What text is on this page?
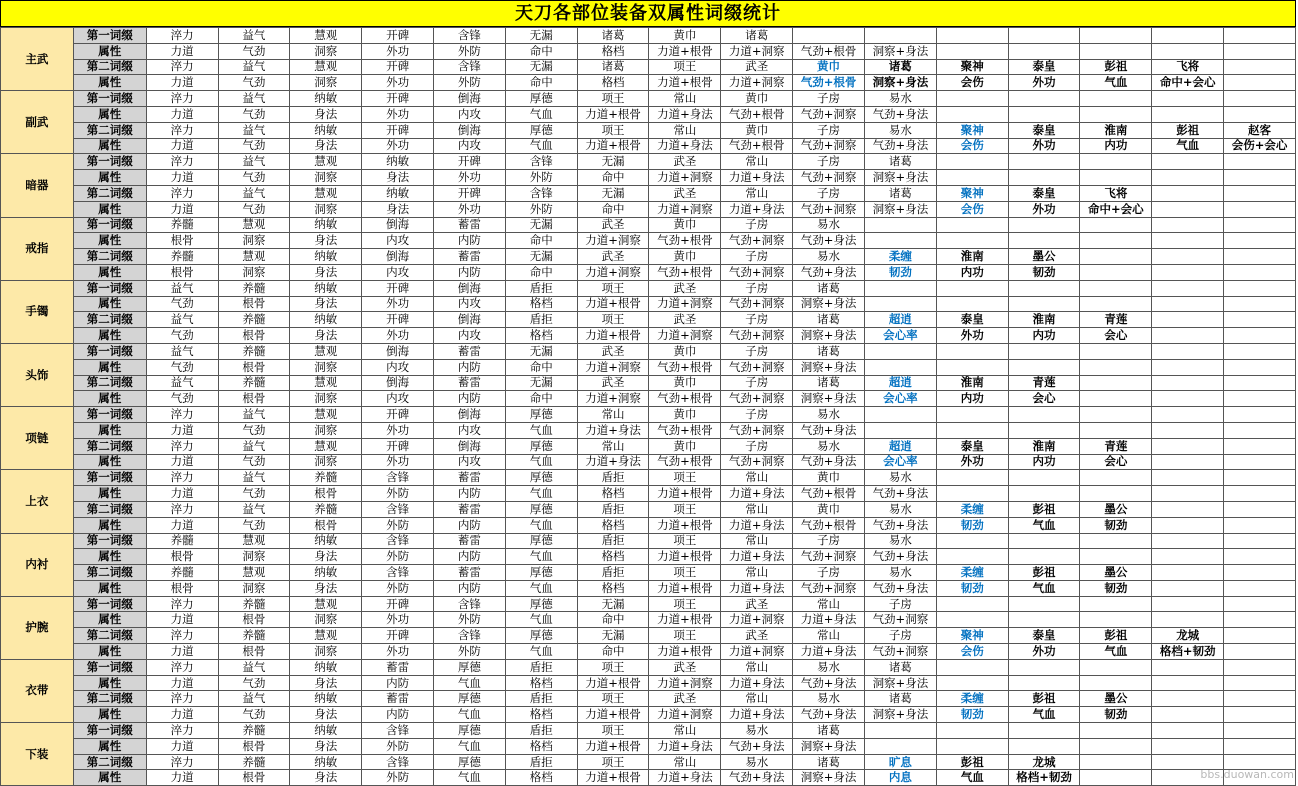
天刀各部位装备双属性词缀统计
主武	第一词缀	淬力	益气	慧观	开碑	含锋	无漏	诸葛	黄巾	诸葛							
	属性	力道	气劲	洞察	外功	外防	命中	格档	力道+根骨	力道+洞察	气劲+根骨	洞察+身法					
	第二词缀	淬力	益气	慧观	开碑	含锋	无漏	诸葛	项王	武圣	黄巾	诸葛	聚神	泰皇	彭祖	飞将	
	属性	力道	气劲	洞察	外功	外防	命中	格档	力道+根骨	力道+洞察	气劲+根骨	洞察+身法	会伤	外功	气血	命中+会心	
副武	第一词缀	淬力	益气	纳敏	开碑	倒海	厚德	项王	常山	黄巾	子房	易水					
	属性	力道	气劲	身法	外功	内攻	气血	力道+根骨	力道+身法	气劲+根骨	气劲+洞察	气劲+身法					
	第二词缀	淬力	益气	纳敏	开碑	倒海	厚德	项王	常山	黄巾	子房	易水	聚神	泰皇	淮南	彭祖	赵客
	属性	力道	气劲	身法	外功	内攻	气血	力道+根骨	力道+身法	气劲+根骨	气劲+洞察	气劲+身法	会伤	外功	内功	气血	会伤+会心
暗器	第一词缀	淬力	益气	慧观	纳敏	开碑	含锋	无漏	武圣	常山	子房	诸葛					
	属性	力道	气劲	洞察	身法	外功	外防	命中	力道+洞察	力道+身法	气劲+洞察	洞察+身法					
	第二词缀	淬力	益气	慧观	纳敏	开碑	含锋	无漏	武圣	常山	子房	诸葛	聚神	泰皇	飞将		
	属性	力道	气劲	洞察	身法	外功	外防	命中	力道+洞察	力道+身法	气劲+洞察	洞察+身法	会伤	外功	命中+会心		
戒指	第一词缀	养髓	慧观	纳敏	倒海	蓄雷	无漏	武圣	黄巾	子房	易水						
	属性	根骨	洞察	身法	内攻	内防	命中	力道+洞察	气劲+根骨	气劲+洞察	气劲+身法						
	第二词缀	养髓	慧观	纳敏	倒海	蓄雷	无漏	武圣	黄巾	子房	易水	柔缠	淮南	墨公			
	属性	根骨	洞察	身法	内攻	内防	命中	力道+洞察	气劲+根骨	气劲+洞察	气劲+身法	韧劲	内功	韧劲			
手镯	第一词缀	益气	养髓	纳敏	开碑	倒海	盾拒	项王	武圣	子房	诸葛						
	属性	气劲	根骨	身法	外功	内攻	格档	力道+根骨	力道+洞察	气劲+洞察	洞察+身法						
	第二词缀	益气	养髓	纳敏	开碑	倒海	盾拒	项王	武圣	子房	诸葛	超逍	泰皇	淮南	青莲		
	属性	气劲	根骨	身法	外功	内攻	格档	力道+根骨	力道+洞察	气劲+洞察	洞察+身法	会心率	外功	内功	会心		
头饰	第一词缀	益气	养髓	慧观	倒海	蓄雷	无漏	武圣	黄巾	子房	诸葛						
	属性	气劲	根骨	洞察	内攻	内防	命中	力道+洞察	气劲+根骨	气劲+洞察	洞察+身法						
	第二词缀	益气	养髓	慧观	倒海	蓄雷	无漏	武圣	黄巾	子房	诸葛	超逍	淮南	青莲			
	属性	气劲	根骨	洞察	内攻	内防	命中	力道+洞察	气劲+根骨	气劲+洞察	洞察+身法	会心率	内功	会心			
项链	第一词缀	淬力	益气	慧观	开碑	倒海	厚德	常山	黄巾	子房	易水						
	属性	力道	气劲	洞察	外功	内攻	气血	力道+身法	气劲+根骨	气劲+洞察	气劲+身法						
	第二词缀	淬力	益气	慧观	开碑	倒海	厚德	常山	黄巾	子房	易水	超逍	泰皇	淮南	青莲		
	属性	力道	气劲	洞察	外功	内攻	气血	力道+身法	气劲+根骨	气劲+洞察	气劲+身法	会心率	外功	内功	会心		
上衣	第一词缀	淬力	益气	养髓	含锋	蓄雷	厚德	盾拒	项王	常山	黄巾	易水					
	属性	力道	气劲	根骨	外防	内防	气血	格档	力道+根骨	力道+身法	气劲+根骨	气劲+身法					
	第二词缀	淬力	益气	养髓	含锋	蓄雷	厚德	盾拒	项王	常山	黄巾	易水	柔缠	彭祖	墨公		
	属性	力道	气劲	根骨	外防	内防	气血	格档	力道+根骨	力道+身法	气劲+根骨	气劲+身法	韧劲	气血	韧劲		
内衬	第一词缀	养髓	慧观	纳敏	含锋	蓄雷	厚德	盾拒	项王	常山	子房	易水					
	属性	根骨	洞察	身法	外防	内防	气血	格档	力道+根骨	力道+身法	气劲+洞察	气劲+身法					
	第二词缀	养髓	慧观	纳敏	含锋	蓄雷	厚德	盾拒	项王	常山	子房	易水	柔缠	彭祖	墨公		
	属性	根骨	洞察	身法	外防	内防	气血	格档	力道+根骨	力道+身法	气劲+洞察	气劲+身法	韧劲	气血	韧劲		
护腕	第一词缀	淬力	养髓	慧观	开碑	含锋	厚德	无漏	项王	武圣	常山	子房					
	属性	力道	根骨	洞察	外功	外防	气血	命中	力道+根骨	力道+洞察	力道+身法	气劲+洞察					
	第二词缀	淬力	养髓	慧观	开碑	含锋	厚德	无漏	项王	武圣	常山	子房	聚神	泰皇	彭祖	龙城	
	属性	力道	根骨	洞察	外功	外防	气血	命中	力道+根骨	力道+洞察	力道+身法	气劲+洞察	会伤	外功	气血	格档+韧劲	
衣带	第一词缀	淬力	益气	纳敏	蓄雷	厚德	盾拒	项王	武圣	常山	易水	诸葛					
	属性	力道	气劲	身法	内防	气血	格档	力道+根骨	力道+洞察	力道+身法	气劲+身法	洞察+身法					
	第二词缀	淬力	益气	纳敏	蓄雷	厚德	盾拒	项王	武圣	常山	易水	诸葛	柔缠	彭祖	墨公		
	属性	力道	气劲	身法	内防	气血	格档	力道+根骨	力道+洞察	力道+身法	气劲+身法	洞察+身法	韧劲	气血	韧劲		
下装	第一词缀	淬力	养髓	纳敏	含锋	厚德	盾拒	项王	常山	易水	诸葛						
	属性	力道	根骨	身法	外防	气血	格档	力道+根骨	力道+身法	气劲+身法	洞察+身法						
	第二词缀	淬力	养髓	纳敏	含锋	厚德	盾拒	项王	常山	易水	诸葛	旷息	彭祖	龙城			
	属性	力道	根骨	身法	外防	气血	格档	力道+根骨	力道+身法	气劲+身法	洞察+身法	内息	气血	格档+韧劲				bbs.duowan.com
